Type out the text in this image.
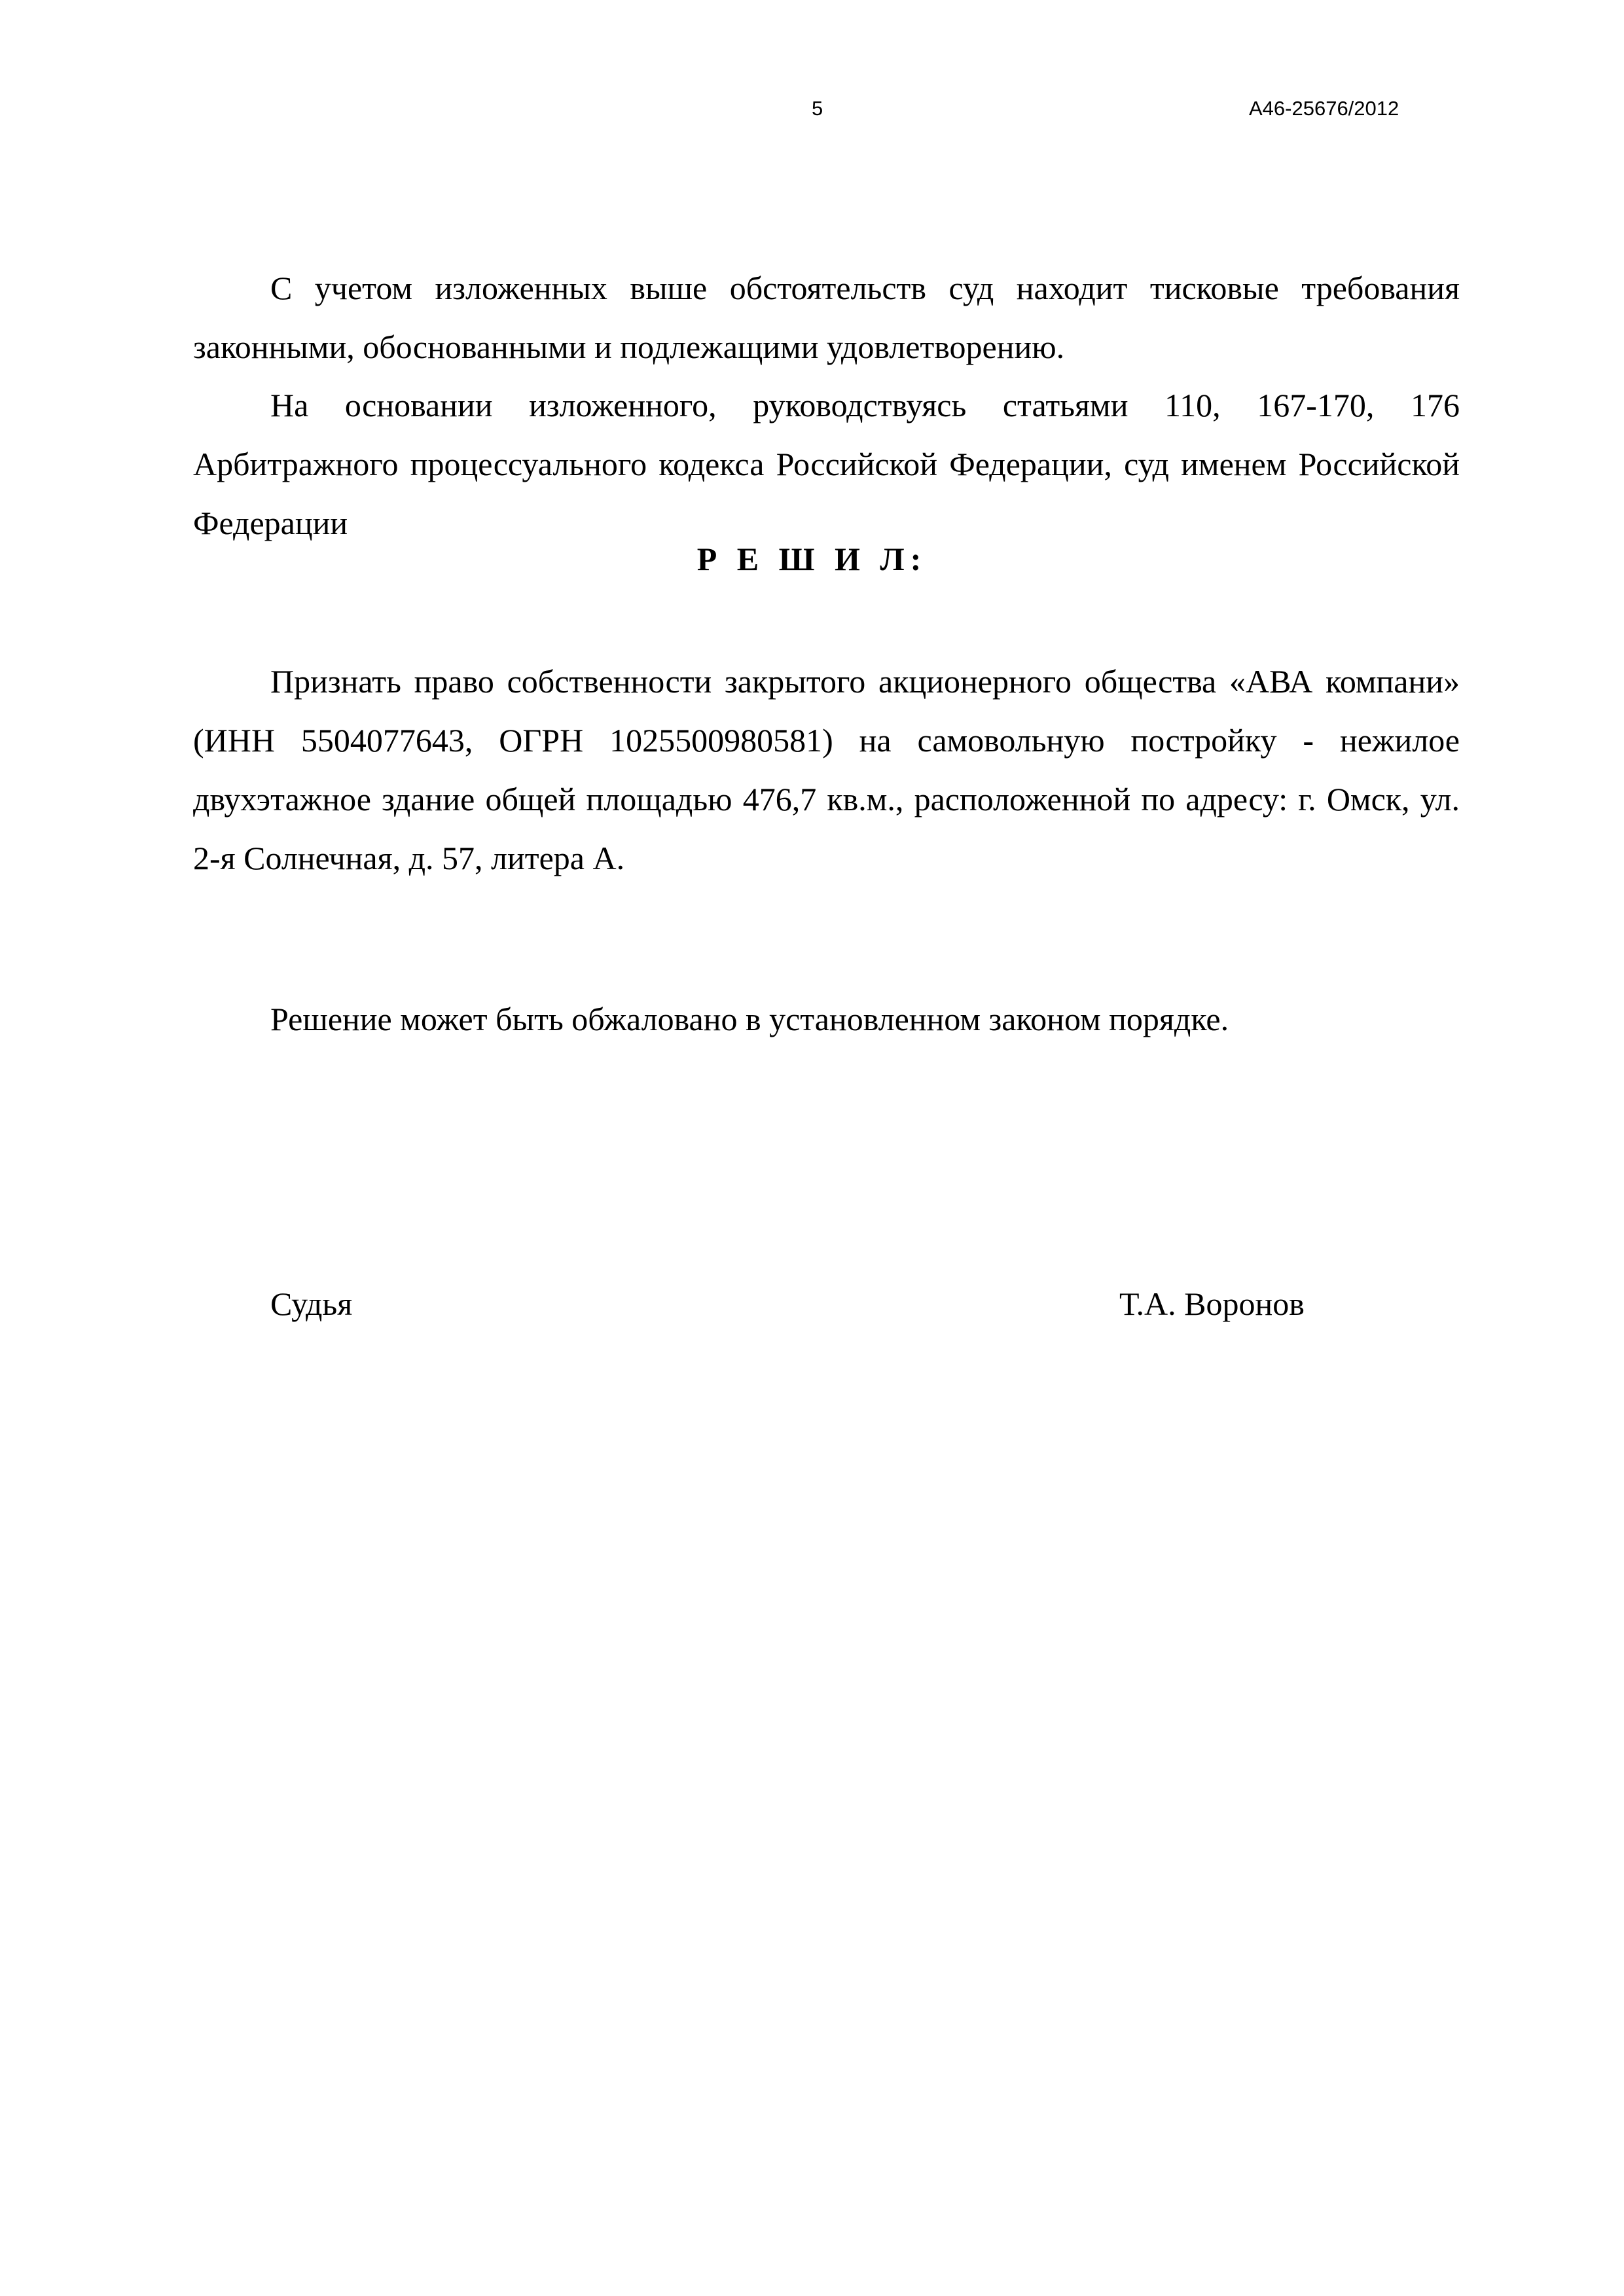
5	А46-25676/2012

С учетом изложенных выше обстоятельств суд находит тисковые требования законными, обоснованными и подлежащими удовлетворению.

На основании изложенного, руководствуясь статьями 110, 167-170, 176 Арбитражного процессуального кодекса Российской Федерации, суд именем Российской Федерации

Р Е Ш И Л:

Признать право собственности закрытого акционерного общества «АВА компани» (ИНН 5504077643, ОГРН 1025500980581) на самовольную постройку - нежилое двухэтажное здание общей площадью 476,7 кв.м., расположенной по адресу: г. Омск, ул. 2-я Солнечная, д. 57, литера А.

Решение может быть обжаловано в установленном законом порядке.

Судья	Т.А. Воронов
